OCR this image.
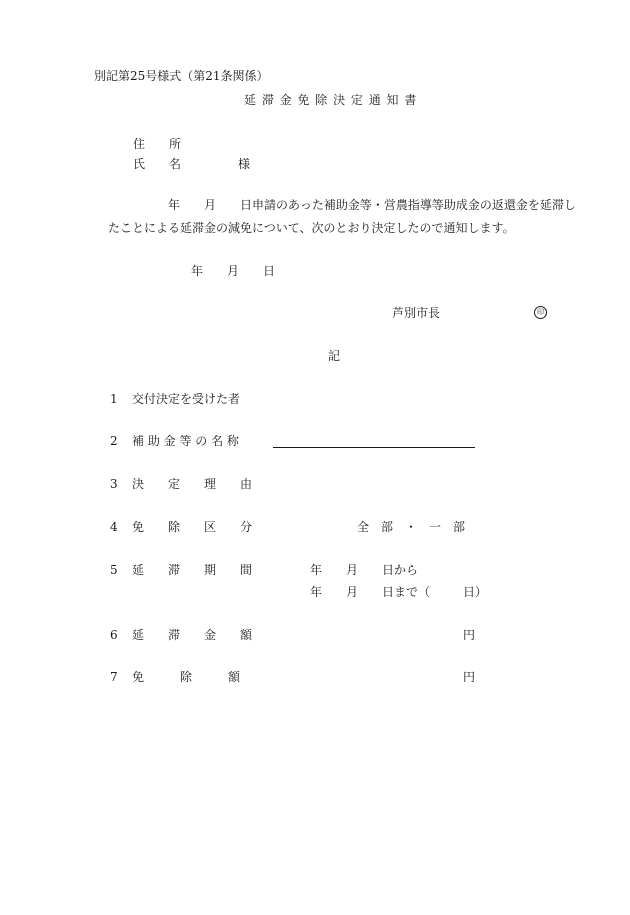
別記第25号様式（第21条関係）
延 滞 金 免 除 決 定 通 知 書
住　　所
氏　　名	様
年 月 日申請のあった補助金等・営農指導等助成金の返還金を延滞し
たことによる延滞金の減免について、次のとおり決定したので通知します。
年 月 日
芦別市長	印
記
1 交付決定を受けた者
2 補 助 金 等 の 名 称
3 決　　定　　理　　由
4 免　　除　　区　　分	全　部　・　一　部
5 延　　滞　　期　　間	年 月 日から
年 月 日まで（	日）
6 延　　滞　　金　　額	円
7 免　　　除　　　額	円
